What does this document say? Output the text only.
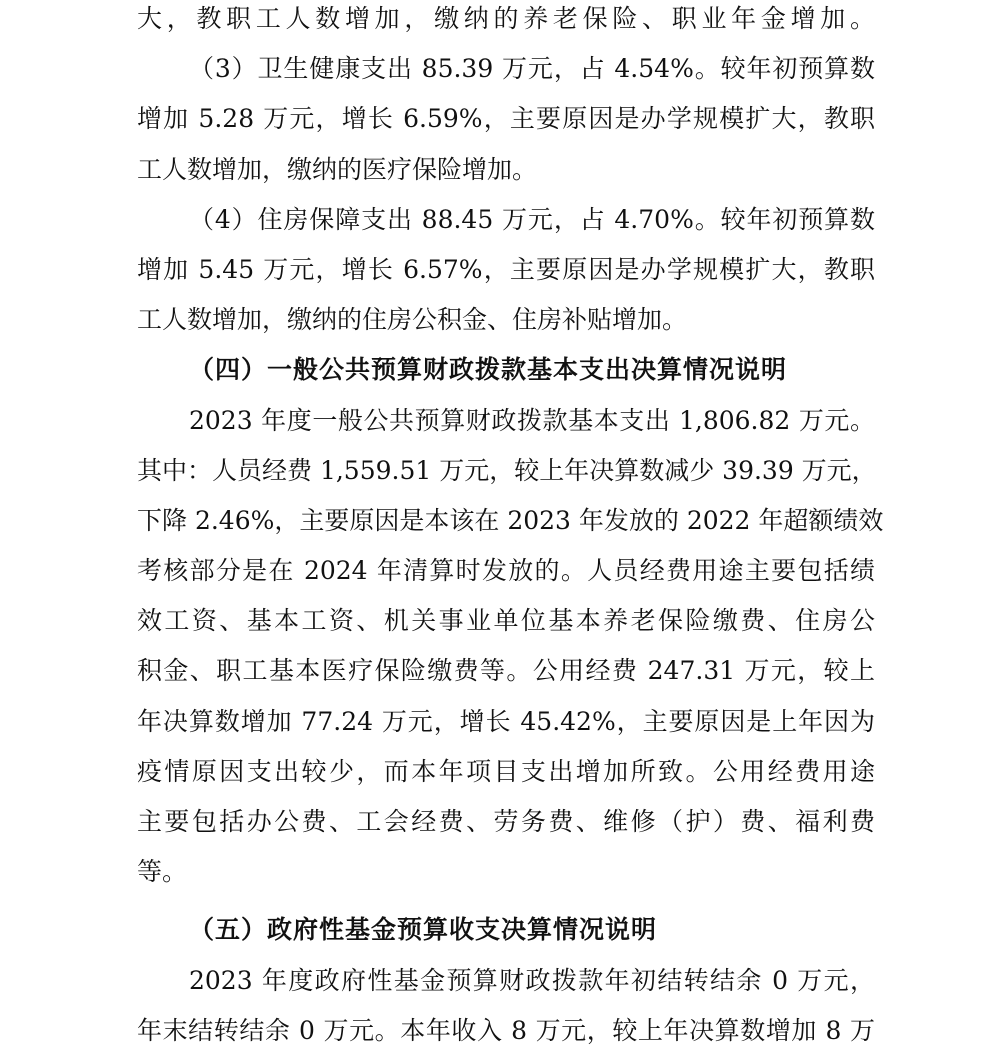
大，教职工人数增加，缴纳的养老保险、职业年金增加。
（3）卫生健康支出 85.39 万元，占 4.54%。较年初预算数
增加 5.28 万元，增长 6.59%，主要原因是办学规模扩大，教职
工人数增加，缴纳的医疗保险增加。
（4）住房保障支出 88.45 万元，占 4.70%。较年初预算数
增加 5.45 万元，增长 6.57%，主要原因是办学规模扩大，教职
工人数增加，缴纳的住房公积金、住房补贴增加。
（四）一般公共预算财政拨款基本支出决算情况说明
2023 年度一般公共预算财政拨款基本支出 1,806.82 万元。
其中：人员经费 1,559.51 万元，较上年决算数减少 39.39 万元，
下降 2.46%，主要原因是本该在 2023 年发放的 2022 年超额绩效
考核部分是在 2024 年清算时发放的。人员经费用途主要包括绩
效工资、基本工资、机关事业单位基本养老保险缴费、住房公
积金、职工基本医疗保险缴费等。公用经费 247.31 万元，较上
年决算数增加 77.24 万元，增长 45.42%，主要原因是上年因为
疫情原因支出较少，而本年项目支出增加所致。公用经费用途
主要包括办公费、工会经费、劳务费、维修（护）费、福利费
等。
（五）政府性基金预算收支决算情况说明
2023 年度政府性基金预算财政拨款年初结转结余 0 万元，
年末结转结余 0 万元。本年收入 8 万元，较上年决算数增加 8 万
